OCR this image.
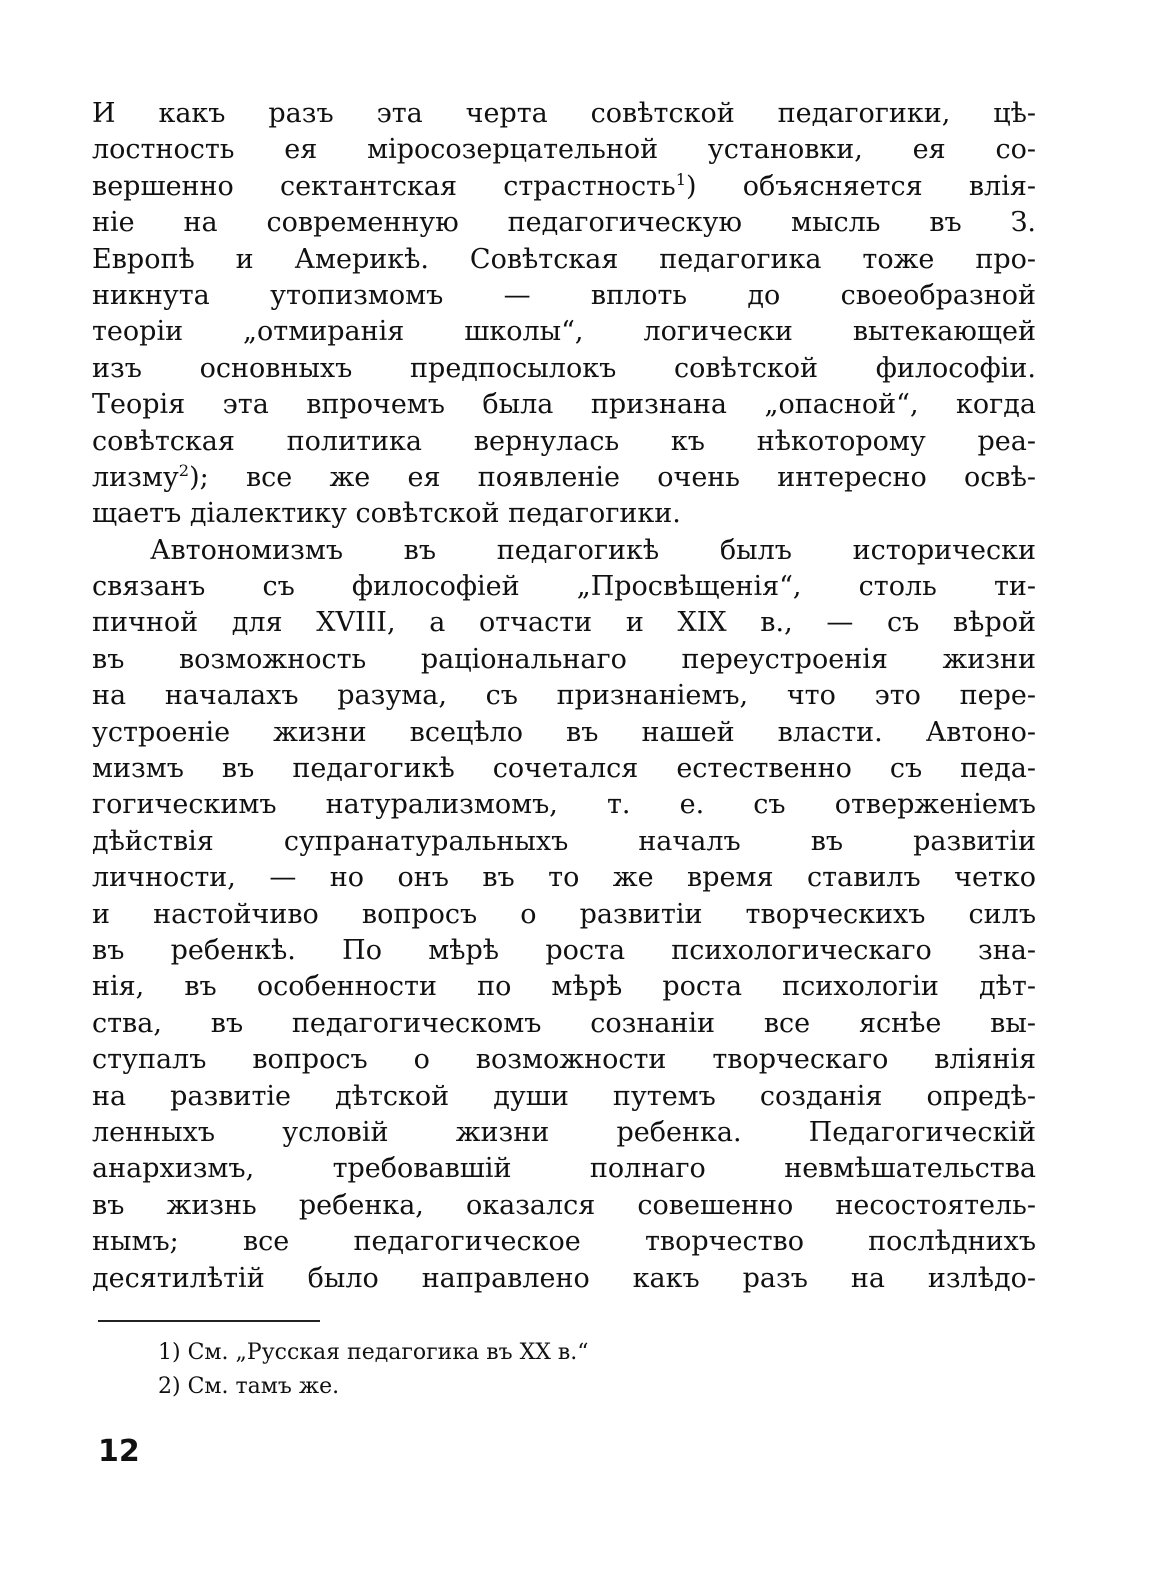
И какъ разъ эта черта совѣтской педагогики, цѣ-
лостность ея міросозерцательной установки, ея со-
вершенно сектантская страстность$^1$) объясняется влія-
ніе на современную педагогическую мысль въ З.
Европѣ и Америкѣ. Совѣтская педагогика тоже про-
никнута утопизмомъ — вплоть до своеобразной
теоріи „отмиранія школы“, логически вытекающей
изъ основныхъ предпосылокъ совѣтской философіи.
Теорія эта впрочемъ была признана „опасной“, когда
совѣтская политика вернулась къ нѣкоторому реа-
лизму$^2$); все же ея появленіе очень интересно освѣ-
щаетъ діалектику совѣтской педагогики.
Автономизмъ въ педагогикѣ былъ исторически
связанъ съ философіей „Просвѣщенія“, столь ти-
пичной для XVIII, а отчасти и XIX в., — съ вѣрой
въ возможность раціональнаго переустроенія жизни
на началахъ разума, съ признаніемъ, что это пере-
устроеніе жизни всецѣло въ нашей власти. Автоно-
мизмъ въ педагогикѣ сочетался естественно съ педа-
гогическимъ натурализмомъ, т. е. съ отверженіемъ
дѣйствія супранатуральныхъ началъ въ развитіи
личности, — но онъ въ то же время ставилъ четко
и настойчиво вопросъ о развитіи творческихъ силъ
въ ребенкѣ. По мѣрѣ роста психологическаго зна-
нія, въ особенности по мѣрѣ роста психологіи дѣт-
ства, въ педагогическомъ сознаніи все яснѣе вы-
ступалъ вопросъ о возможности творческаго вліянія
на развитіе дѣтской души путемъ созданія опредѣ-
ленныхъ условій жизни ребенка. Педагогическій
анархизмъ, требовавшій полнаго невмѣшательства
въ жизнь ребенка, оказался совешенно несостоятель-
нымъ; все педагогическое творчество послѣднихъ
десятилѣтій было направлено какъ разъ на излѣдо-
1) См. „Русская педагогика въ XX в.“
2) См. тамъ же.
12
